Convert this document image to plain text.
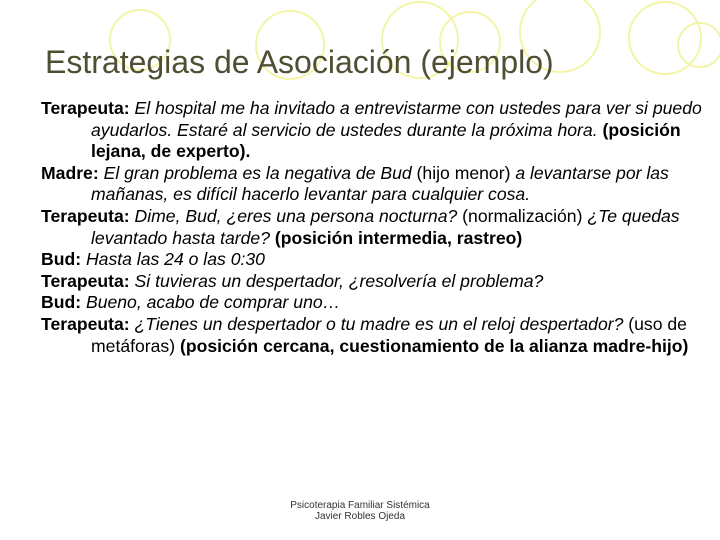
Estrategias de Asociación (ejemplo)

Terapeuta: El hospital me ha invitado a entrevistarme con ustedes para ver si puedo ayudarlos. Estaré al servicio de ustedes durante la próxima hora. (posición lejana, de experto).

Madre: El gran problema es la negativa de Bud (hijo menor) a levantarse por las mañanas, es difícil hacerlo levantar para cualquier cosa.

Terapeuta: Dime, Bud, ¿eres una persona nocturna? (normalización) ¿Te quedas levantado hasta tarde? (posición intermedia, rastreo)

Bud: Hasta las 24 o las 0:30

Terapeuta: Si tuvieras un despertador, ¿resolvería el problema?

Bud: Bueno, acabo de comprar uno…

Terapeuta: ¿Tienes un despertador o tu madre es un el reloj despertador? (uso de metáforas) (posición cercana, cuestionamiento de la alianza madre-hijo)

Psicoterapia Familiar Sistémica
Javier Robles Ojeda
